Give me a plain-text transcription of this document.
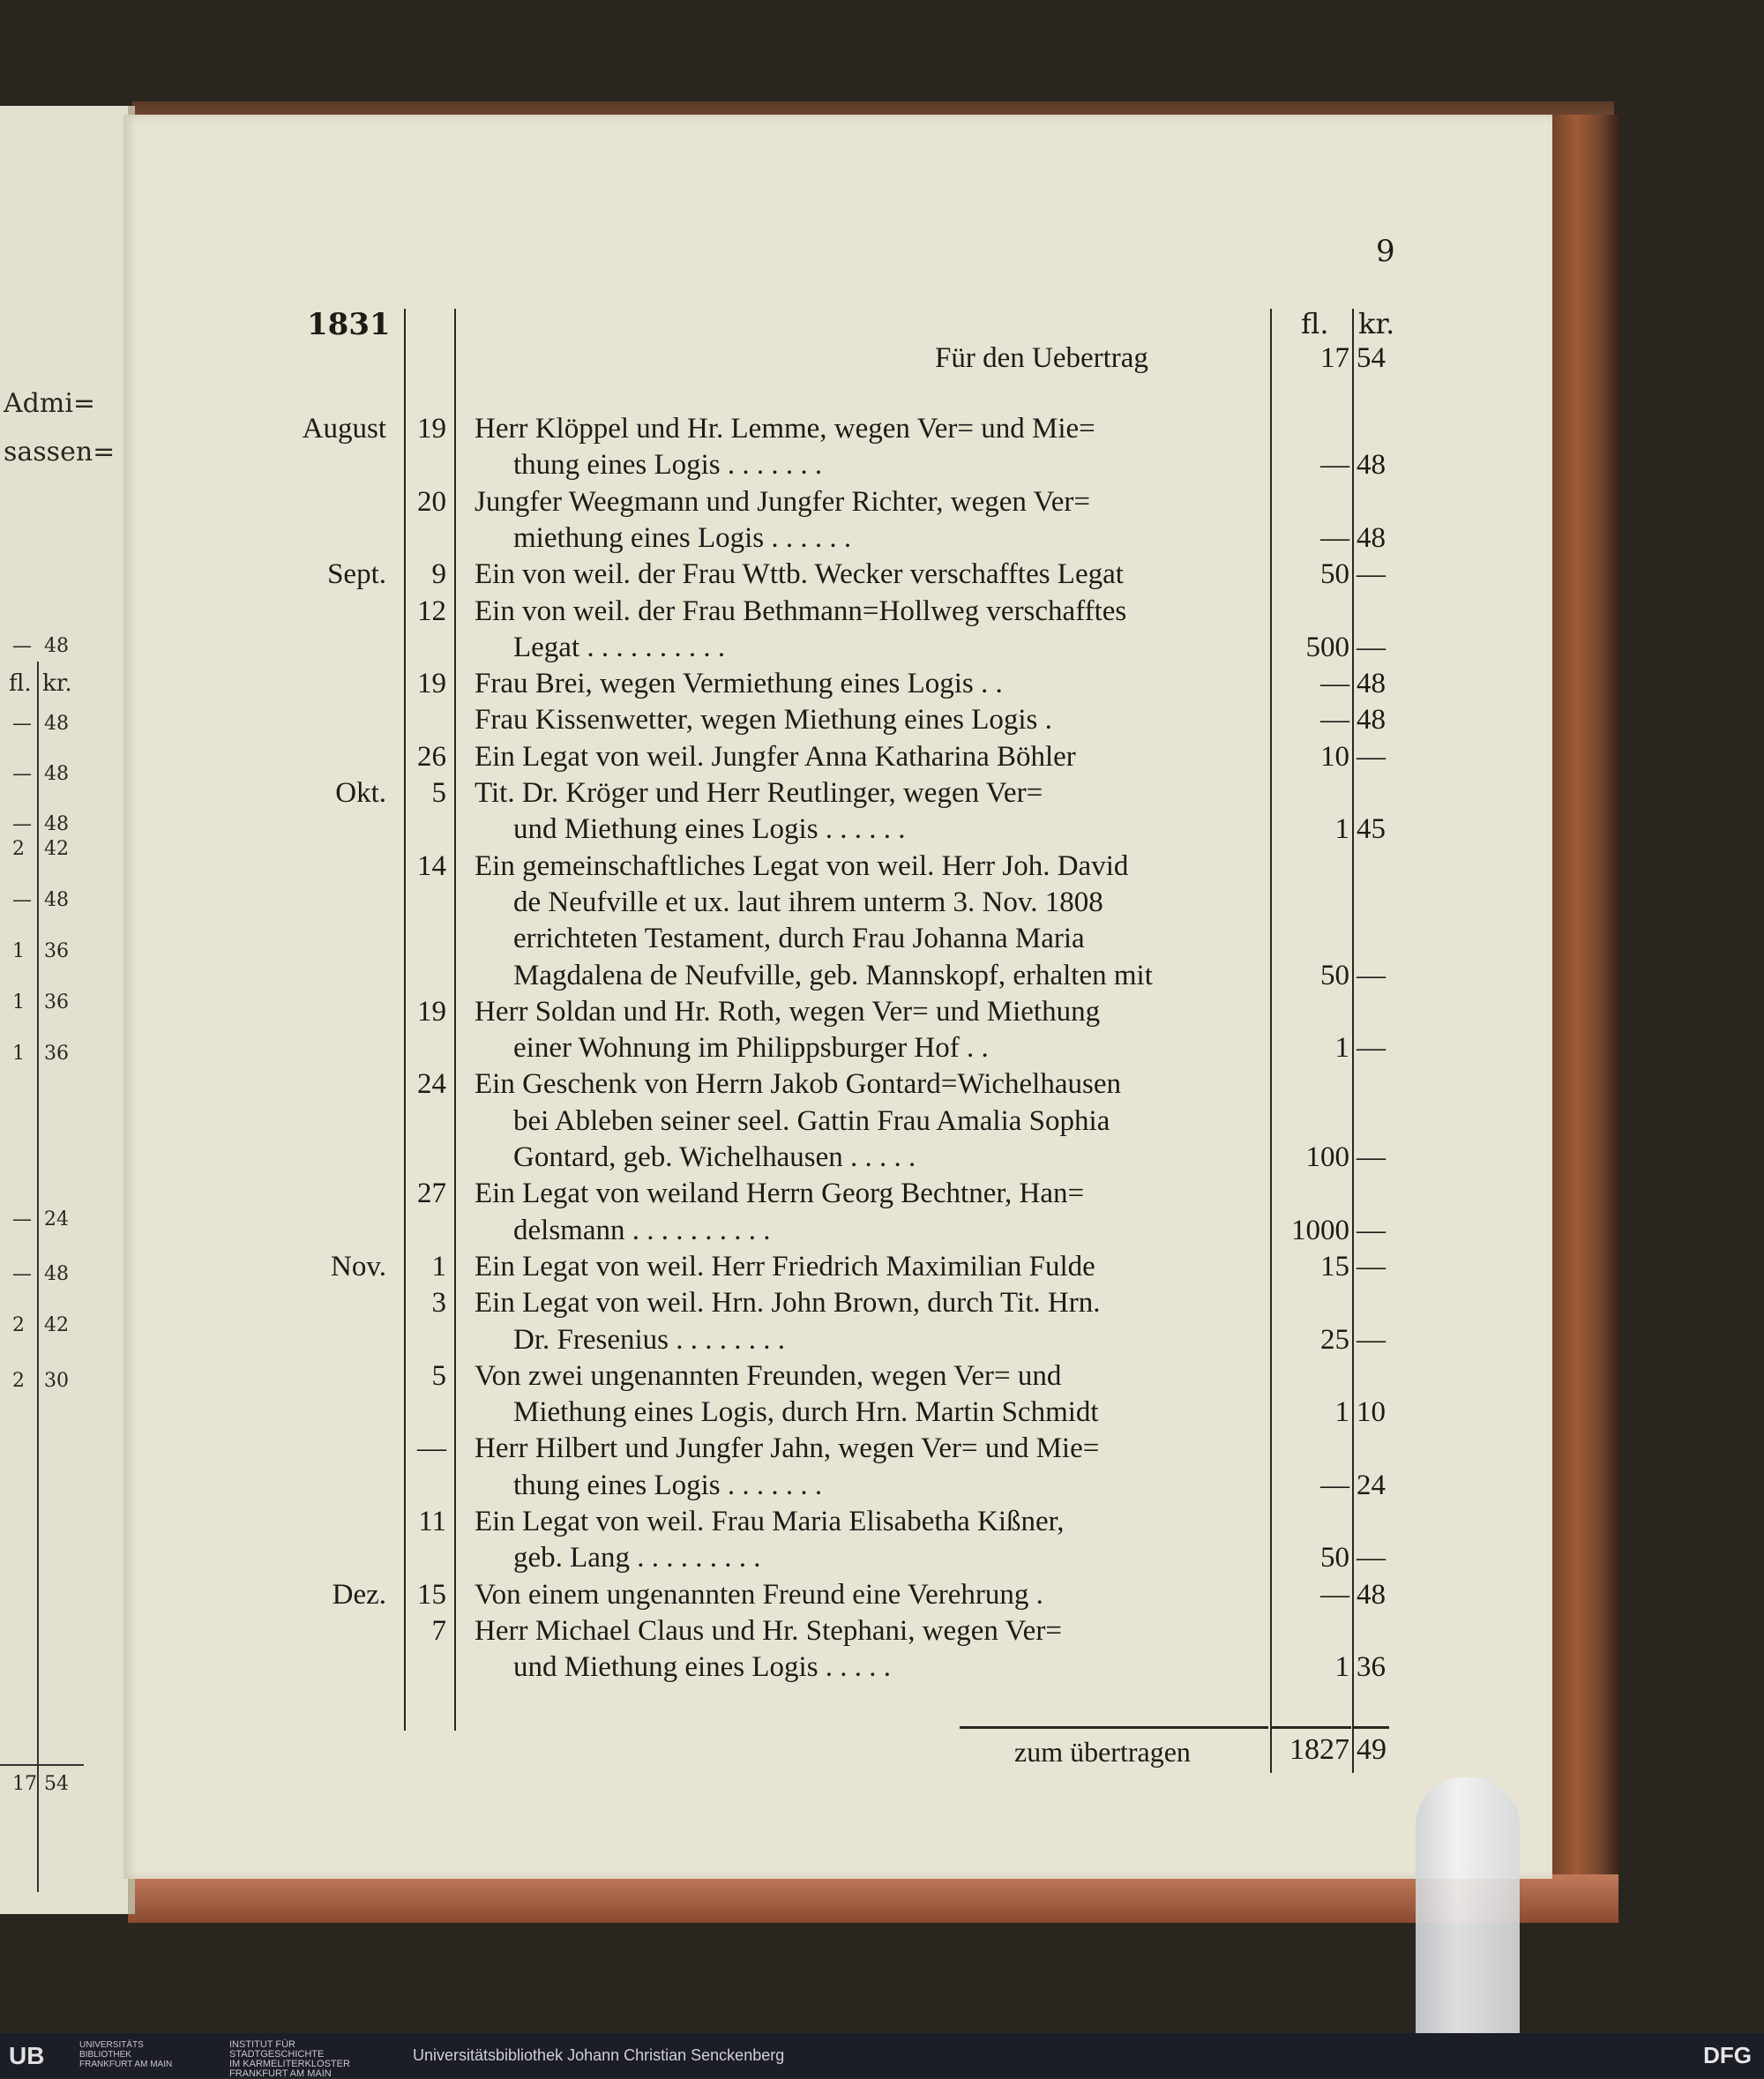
Admi=
sassen=
fl. kr.
— 48
— 48
— 48
— 48
2 42
— 48
1 36
1 36
1 36
— 24
— 48
2 42
2 30
17 54
9
1831	fl. kr.
Für den Uebertrag	17 54
August	19 Herr Klöppel und Hr. Lemme, wegen Ver= und Mie=
thung eines Logis . . . . . . .	— 48
20 Jungfer Weegmann und Jungfer Richter, wegen Ver=
miethung eines Logis . . . . . .	— 48
Sept.	9 Ein von weil. der Frau Wttb. Wecker verschafftes Legat	50 —
12 Ein von weil. der Frau Bethmann=Hollweg verschafftes
Legat . . . . . . . . . .	500 —
19 Frau Brei, wegen Vermiethung eines Logis . .	— 48
Frau Kissenwetter, wegen Miethung eines Logis .	— 48
26 Ein Legat von weil. Jungfer Anna Katharina Böhler	10 —
Okt.	5 Tit. Dr. Kröger und Herr Reutlinger, wegen Ver=
und Miethung eines Logis . . . . . .	1 45
14 Ein gemeinschaftliches Legat von weil. Herr Joh. David
de Neufville et ux. laut ihrem unterm 3. Nov. 1808
errichteten Testament, durch Frau Johanna Maria
Magdalena de Neufville, geb. Mannskopf, erhalten mit	50 —
19 Herr Soldan und Hr. Roth, wegen Ver= und Miethung
einer Wohnung im Philippsburger Hof . .	1 —
24 Ein Geschenk von Herrn Jakob Gontard=Wichelhausen
bei Ableben seiner seel. Gattin Frau Amalia Sophia
Gontard, geb. Wichelhausen . . . . .	100 —
27 Ein Legat von weiland Herrn Georg Bechtner, Han=
delsmann . . . . . . . . . .	1000 —
Nov.	1 Ein Legat von weil. Herr Friedrich Maximilian Fulde	15 —
3 Ein Legat von weil. Hrn. John Brown, durch Tit. Hrn.
Dr. Fresenius . . . . . . . .	25 —
5 Von zwei ungenannten Freunden, wegen Ver= und
Miethung eines Logis, durch Hrn. Martin Schmidt	1 10
— Herr Hilbert und Jungfer Jahn, wegen Ver= und Mie=
thung eines Logis . . . . . . .	— 24
11 Ein Legat von weil. Frau Maria Elisabetha Kißner,
geb. Lang . . . . . . . . .	50 —
Dez.	15 Von einem ungenannten Freund eine Verehrung .	— 48
7 Herr Michael Claus und Hr. Stephani, wegen Ver=
und Miethung eines Logis . . . . .	1 36
zum übertragen	1827 49
UB	UNIVERSITÄTS
BIBLIOTHEK
FRANKFURT AM MAIN
INSTITUT FÜR
STADTGESCHICHTE
IM KARMELITERKLOSTER
FRANKFURT AM MAIN
Universitätsbibliothek Johann Christian Senckenberg	DFG
